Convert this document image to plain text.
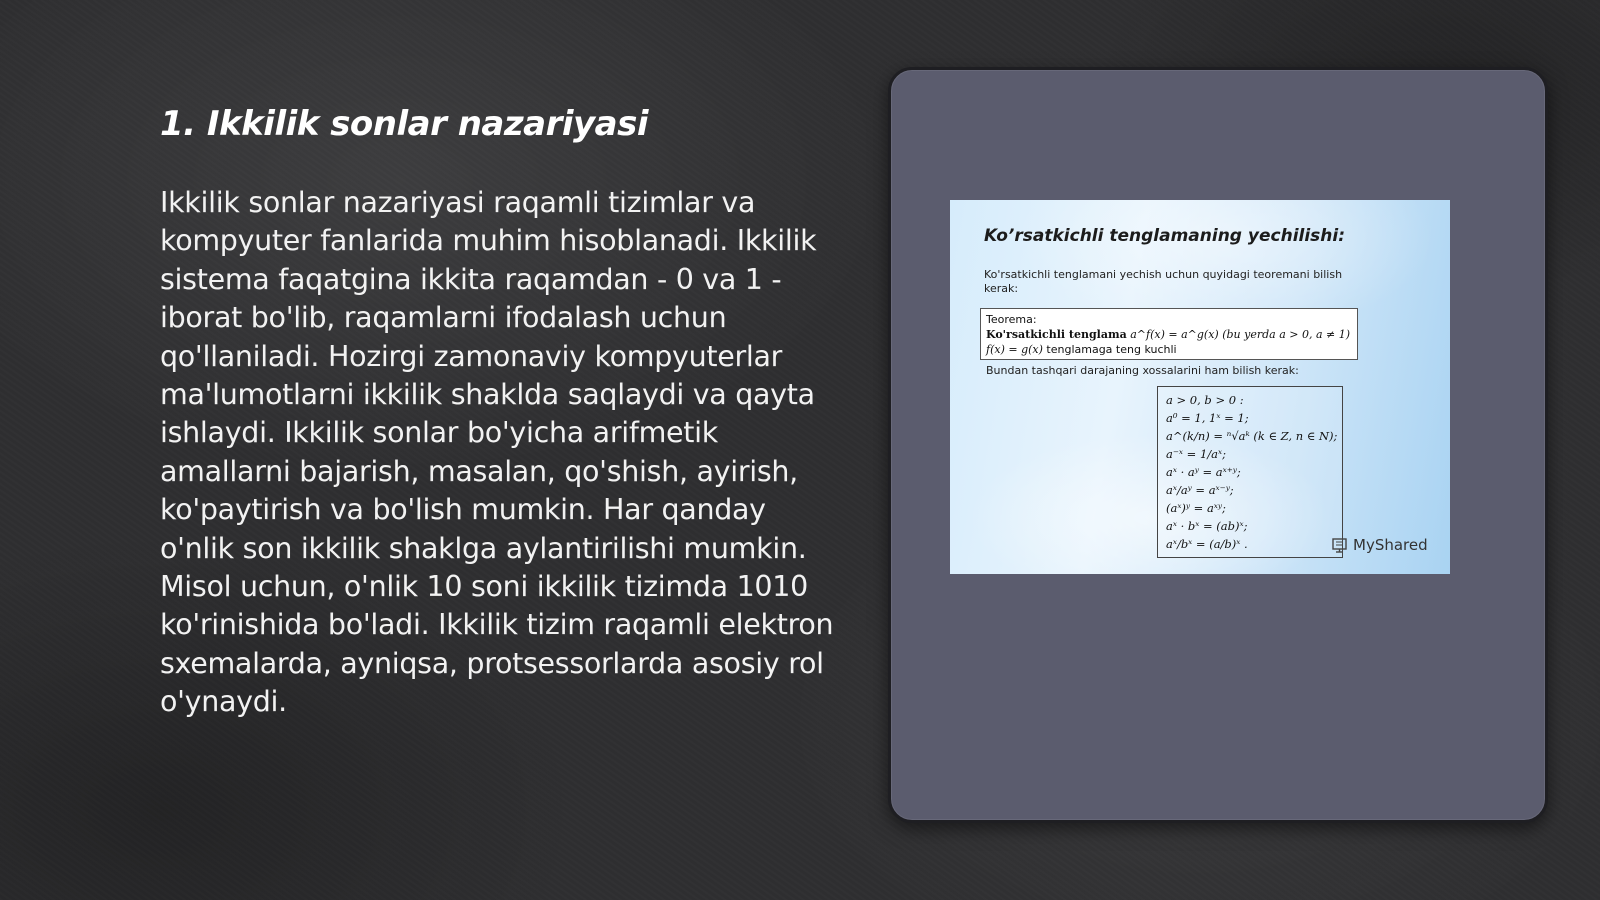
1. Ikkilik sonlar nazariyasi

Ikkilik sonlar nazariyasi raqamli tizimlar va kompyuter fanlarida muhim hisoblanadi. Ikkilik sistema faqatgina ikkita raqamdan - 0 va 1 - iborat bo'lib, raqamlarni ifodalash uchun qo'llaniladi. Hozirgi zamonaviy kompyuterlar ma'lumotlarni ikkilik shaklda saqlaydi va qayta ishlaydi. Ikkilik sonlar bo'yicha arifmetik amallarni bajarish, masalan, qo'shish, ayirish, ko'paytirish va bo'lish mumkin. Har qanday o'nlik son ikkilik shaklga aylantirilishi mumkin. Misol uchun, o'nlik 10 soni ikkilik tizimda 1010 ko'rinishida bo'ladi. Ikkilik tizim raqamli elektron sxemalarda, ayniqsa, protsessorlarda asosiy rol o'ynaydi.

Ko’rsatkichli tenglamaning yechilishi:
Ko'rsatkichli tenglamani yechish uchun quyidagi teoremani bilish kerak:
Teorema:
Ko'rsatkichli tenglama a^f(x) = a^g(x) (bu yerda a > 0, a ≠ 1)
f(x) = g(x) tenglamaga teng kuchli
Bundan tashqari darajaning xossalarini ham bilish kerak:
a > 0, b > 0 :
a⁰ = 1, 1ˣ = 1;
a^(k/n) = ⁿ√aᵏ (k ∈ Z, n ∈ N);
a⁻ˣ = 1/aˣ;
aˣ · aʸ = aˣ⁺ʸ;
aˣ/aʸ = aˣ⁻ʸ;
(aˣ)ʸ = aˣʸ;
aˣ · bˣ = (ab)ˣ;
aˣ/bˣ = (a/b)ˣ .	MyShared
